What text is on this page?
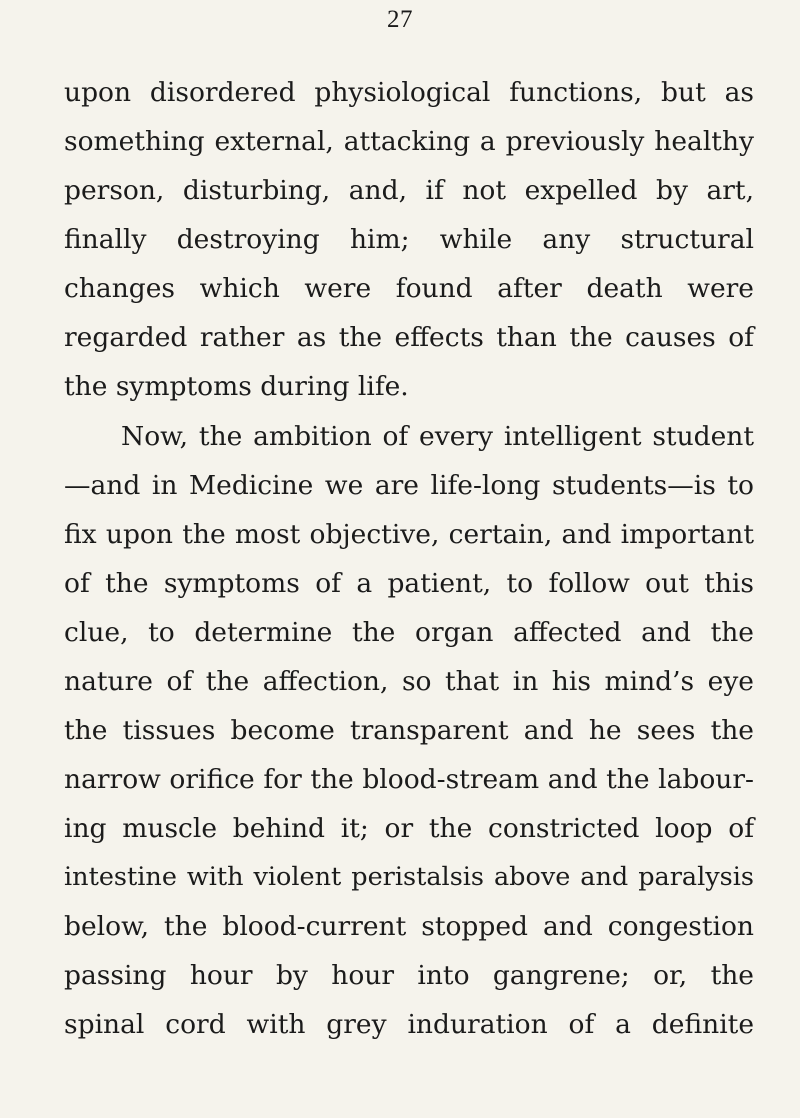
27
upon disordered physiological functions, but as
something external, attacking a previously healthy
person, disturbing, and, if not expelled by art,
finally destroying him; while any structural
changes which were found after death were
regarded rather as the effects than the causes of
the symptoms during life.
Now, the ambition of every intelligent student
—and in Medicine we are life-long students—is to
fix upon the most objective, certain, and important
of the symptoms of a patient, to follow out this
clue, to determine the organ affected and the
nature of the affection, so that in his mind’s eye
the tissues become transparent and he sees the
narrow orifice for the blood-stream and the labour-
ing muscle behind it; or the constricted loop of
intestine with violent peristalsis above and paralysis
below, the blood-current stopped and congestion
passing hour by hour into gangrene; or, the
spinal cord with grey induration of a definite
